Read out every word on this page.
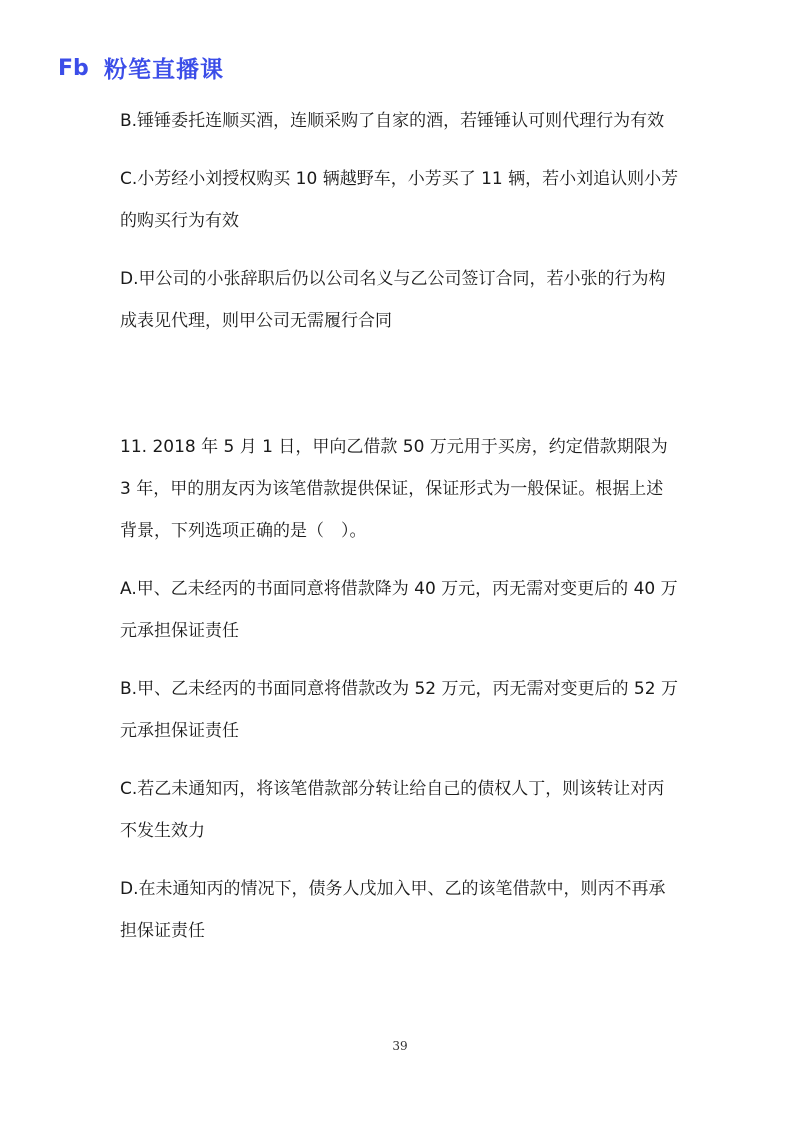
Fb 粉笔直播课

B.锤锤委托连顺买酒，连顺采购了自家的酒，若锤锤认可则代理行为有效

C.小芳经小刘授权购买 10 辆越野车，小芳买了 11 辆，若小刘追认则小芳的购买行为有效

D.甲公司的小张辞职后仍以公司名义与乙公司签订合同，若小张的行为构成表见代理，则甲公司无需履行合同

11. 2018 年 5 月 1 日，甲向乙借款 50 万元用于买房，约定借款期限为 3 年，甲的朋友丙为该笔借款提供保证，保证形式为一般保证。根据上述背景，下列选项正确的是（　）。

A.甲、乙未经丙的书面同意将借款降为 40 万元，丙无需对变更后的 40 万元承担保证责任

B.甲、乙未经丙的书面同意将借款改为 52 万元，丙无需对变更后的 52 万元承担保证责任

C.若乙未通知丙，将该笔借款部分转让给自己的债权人丁，则该转让对丙不发生效力

D.在未通知丙的情况下，债务人戊加入甲、乙的该笔借款中，则丙不再承担保证责任

39
